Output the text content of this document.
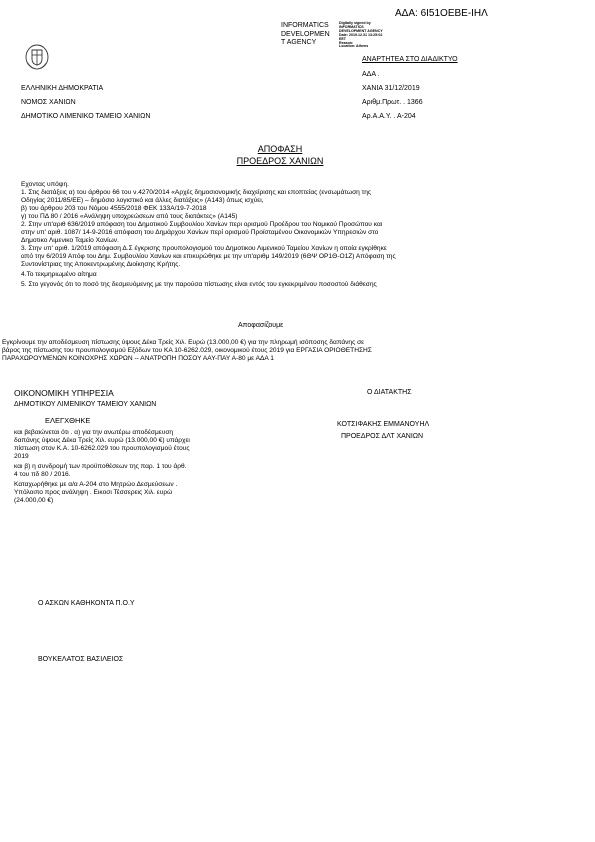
ΑΔΑ: 6Ι51ΟΕΒΕ-ΙΗΛ
INFORMATICS
DEVELOPMEN
T AGENCY
Digitally signed by
INFORMATICS
DEVELOPMENT AGENCY
Date: 2019.12.31 13:25:02
EET
Reason:
Location: Athens
ΑΝΑΡΤΗΤΕΑ ΣΤΟ ΔΙΑΔΙΚΤΥΟ
ΑΔΑ .
ΧΑΝΙΑ 31/12/2019
Αριθμ.Πρωτ. . 1366
Αρ.Α.Α.Υ. . Α-204
ΕΛΛΗΝΙΚΗ ΔΗΜΟΚΡΑΤΙΑ
ΝΟΜΟΣ ΧΑΝΙΩΝ
ΔΗΜΟΤΙΚΟ ΛΙΜΕΝΙΚΟ ΤΑΜΕΙΟ ΧΑΝΙΩΝ
ΑΠΟΦΑΣΗ
ΠΡΟΕΔΡΟΣ ΧΑΝΙΩΝ
Εχοντας υπόψη.
1. Στις διατάξεις α) του άρθρου 66 του ν.4270/2014 «Αρχές δημοσιονομικής διαχείρισης και εποπτείας (ενσωμάτωση της
Οδηγίας 2011/85/ΕΕ) – δημόσιο λογιστικό και άλλες διατάξεις» (Α143) όπως ισχύει,
β) του άρθρου 203 του Νόμου 4555/2018 ΦΕΚ 133Α/19-7-2018
γ) του ΠΔ 80 / 2016 «Ανάληψη υποχρεώσεων από τους διατάκτες» (Α145)
2. Στην υπ'αριθ 636/2019 απόφαση του Δημοτικού Συμβουλίου Χανίων περι ορισμού Προέδρου του Νομικού Προσώπου και
στην υπ' αριθ. 1087/ 14-9-2016 απόφαση του Δημάρχου Χανίων περί ορισμού Προϊσταμένου Οικονομικών Υπηρεσιών στο
Δημοτικο Λιμενικο Ταμείο Χανίων.
3. Στην υπ' αριθ. 1/2019 απόφαση Δ.Σ έγκρισης προυπολογισμού του Δημοτικου Λιμενικού Ταμείου Χανίων η οποία εγκρίθηκε
από την 6/2019 Απόφ του Δημ. Συμβουλίου Χανίων και επικυρώθηκε με την υπ'αριθμ 149/2019 (6ΘΨ ΟΡ1Θ-Ο1Ζ) Απόφαση της
Συντονίστριας της Αποκεντρωμένης Διοίκησης Κρήτης.
4.Το τεκμηριωμένο αίτημα
5. Στο γεγονός ότι το ποσό της δεσμευόμενης με την παρούσα πίστωσης είναι εντός του εγκεκριμένου ποσοστού διάθεσης
Αποφασίζουμε
Εγκρίνουμε την αποδέσμευση πίστωσης ύψους Δέκα Τρείς Χιλ. Ευρώ (13.000,00 €) για την πληρωμή ισόποσης δαπάνης σε
βάρος της πίστωσης του προυπολογισμού Εξόδων του ΚΑ 10-6262.029, οικονομικού έτους 2019 για ΕΡΓΑΣΙΑ ΟΡΙΟΘΕΤΗΣΗΣ
ΠΑΡΑΧΩΡΟΥΜΕΝΩΝ ΚΟΙΝΟΧΡΗΣ ΧΩΡΩΝ -- ΑΝΑΤΡΟΠΗ ΠΟΣΟΥ ΑΑΥ-ΠΑΥ Α-80 με ΑΔΑ 1
ΟΙΚΟΝΟΜΙΚΗ ΥΠΗΡΕΣΙΑ
ΔΗΜΟΤΙΚΟΥ ΛΙΜΕΝΙΚΟΥ ΤΑΜΕΙΟΥ ΧΑΝΙΩΝ
ΕΛΕΓΧΘΗΚΕ
και βεβαιώνεται ότι . α) για την ανωτέρω αποδέσμευση
δαπάνης ύψους Δέκα Τρείς Χιλ. ευρώ (13.000,00 €) υπάρχει
πίστωση στον Κ.Α. 10-6262.029 του προυπολογισμού έτους
2019
και β) η συνδρομή των προϋποθέσεων της παρ. 1 του άρθ.
4 του πδ 80 / 2016.
Καταχωρήθηκε με α/α Α-204 στο Μητρώο Δεσμεύσεων .
Υπόλοιπο προς ανάληψη . Εικοσι Τέσσερεις Χιλ. ευρώ
(24.000,00 €)
Ο ΔΙΑΤΑΚΤΗΣ
ΚΟΤΣΙΦΑΚΗΣ ΕΜΜΑΝΟΥΗΛ
ΠΡΟΕΔΡΟΣ ΔΛΤ ΧΑΝΙΩΝ
Ο ΑΣΚΩΝ ΚΑΘΗΚΟΝΤΑ Π.Ο.Υ
ΒΟΥΚΕΛΑΤΟΣ ΒΑΣΙΛΕΙΟΣ
